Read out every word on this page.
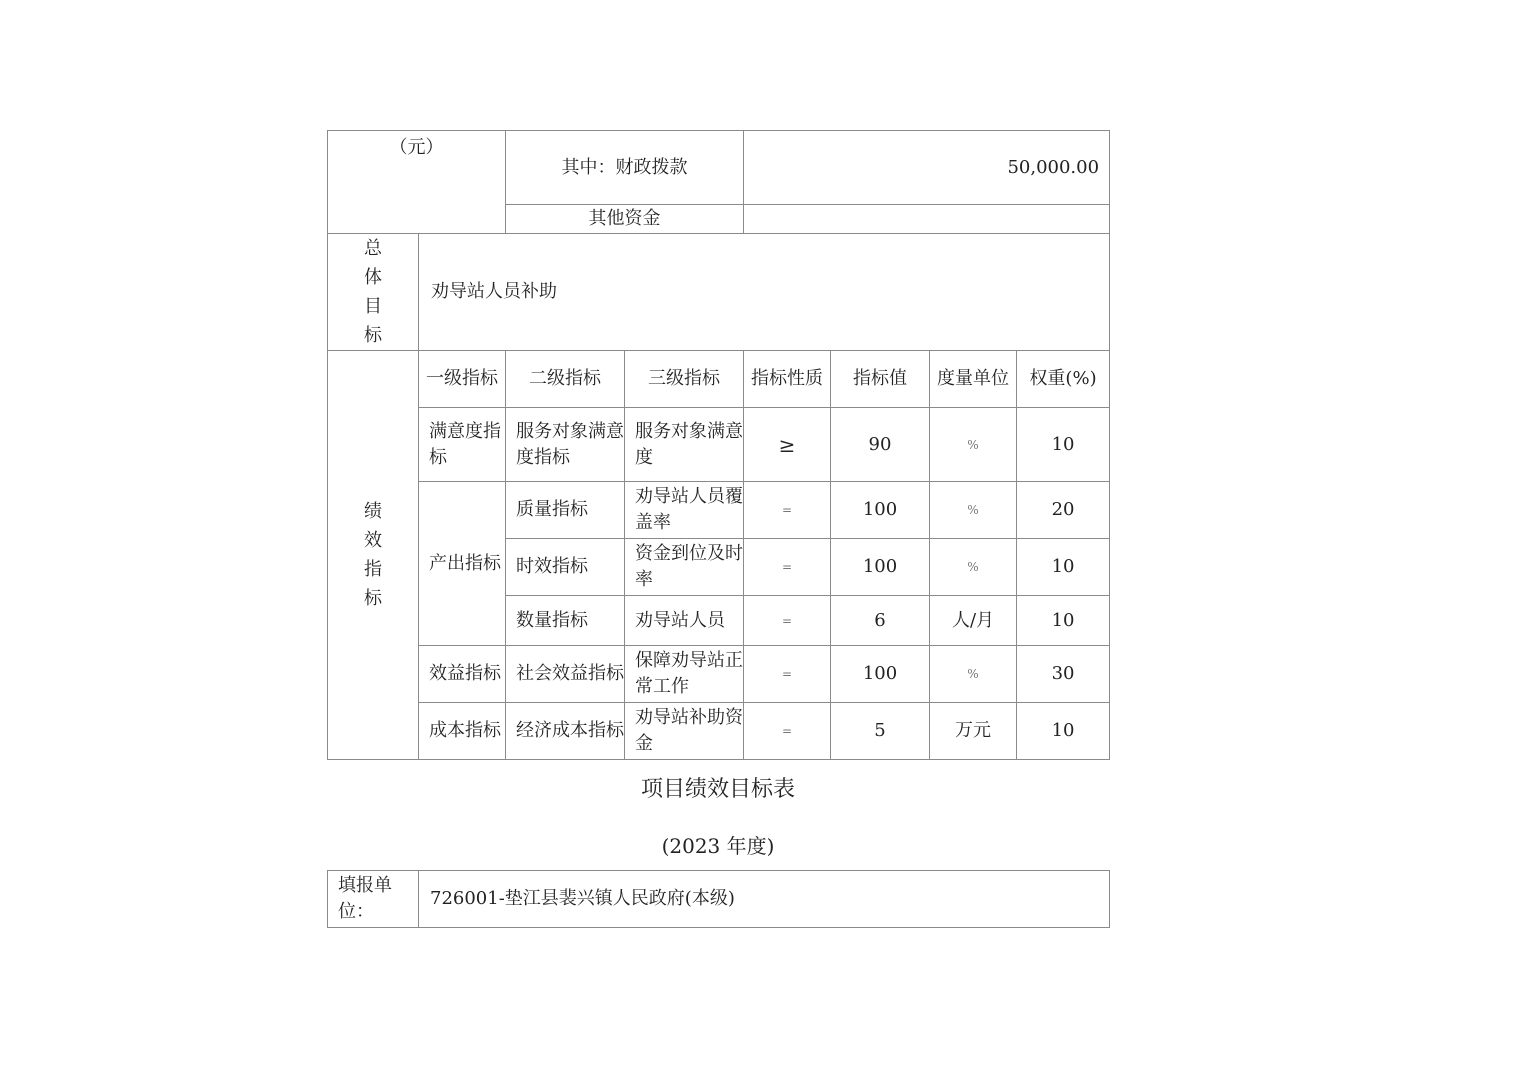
（元）		其中：财政拨款		50,000.00			
		其他资金					
总体目标	劝导站人员补助						
绩效指标	一级指标	二级指标	三级指标	指标性质	指标值	度量单位	权重(%)
	满意度指标	服务对象满意度指标	服务对象满意度	≥	90	%	10
	产出指标	质量指标	劝导站人员覆盖率	=	100	%	20
		时效指标	资金到位及时率	=	100	%	10
		数量指标	劝导站人员	=	6	人/月	10
	效益指标	社会效益指标	保障劝导站正常工作	=	100	%	30
	成本指标	经济成本指标	劝导站补助资金	=	5	万元	10
项目绩效目标表
(2023 年度)
填报单位：	726001-垫江县裴兴镇人民政府(本级)
